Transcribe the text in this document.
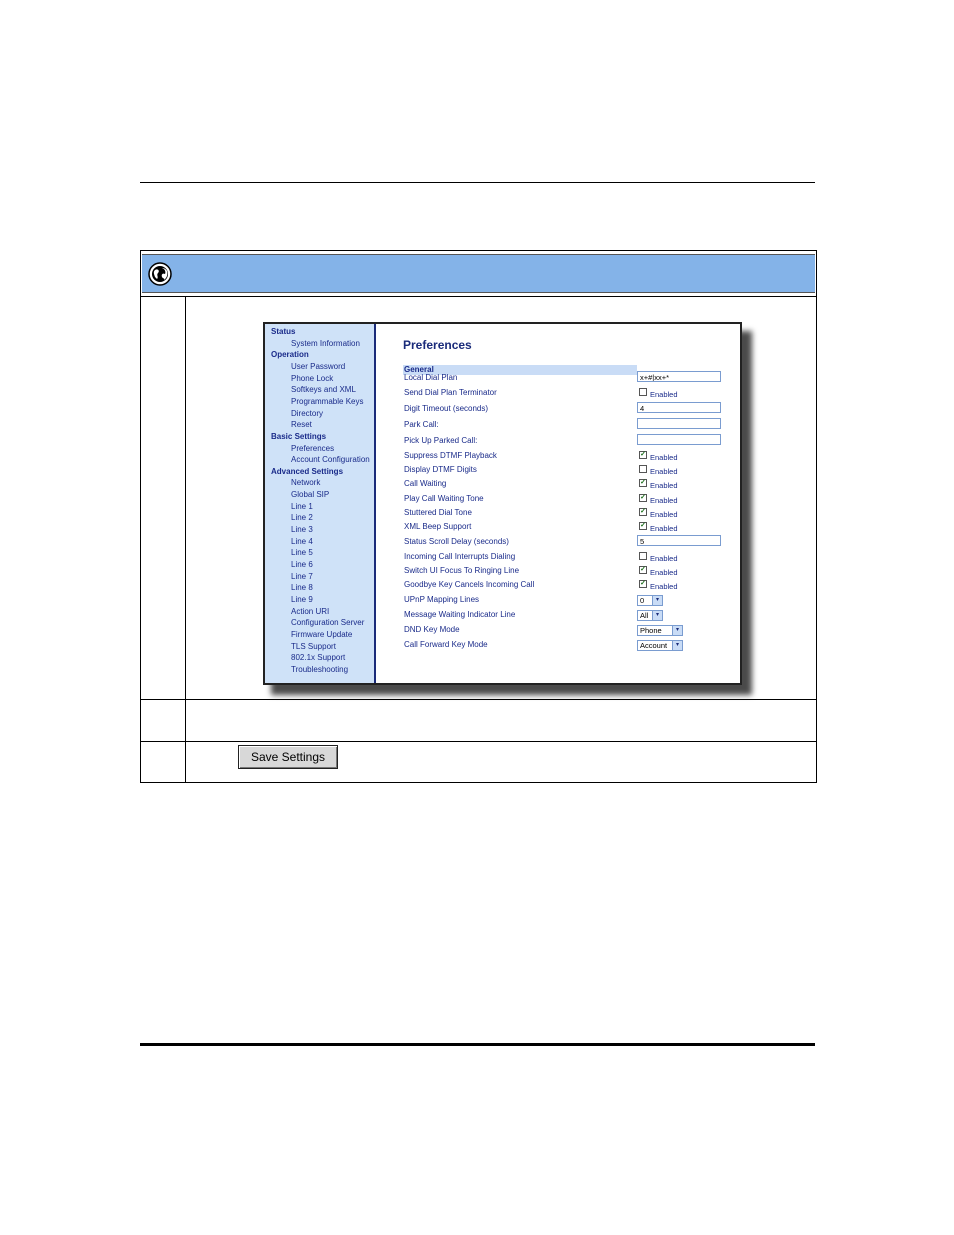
Status
System Information
Operation
User Password
Phone Lock
Softkeys and XML
Programmable Keys
Directory
Reset
Basic Settings
Preferences
Account Configuration
Advanced Settings
Network
Global SIP
Line 1
Line 2
Line 3
Line 4
Line 5
Line 6
Line 7
Line 8
Line 9
Action URI
Configuration Server
Firmware Update
TLS Support
802.1x Support
Troubleshooting
Preferences
General
Local Dial Plan	x+#|xx+*
Send Dial Plan Terminator	Enabled
Digit Timeout (seconds)	4
Park Call:
Pick Up Parked Call:
Suppress DTMF Playback	✓ Enabled
Display DTMF Digits	Enabled
Call Waiting	✓ Enabled
Play Call Waiting Tone	✓ Enabled
Stuttered Dial Tone	✓ Enabled
XML Beep Support	✓ Enabled
Status Scroll Delay (seconds)	5
Incoming Call Interrupts Dialing	Enabled
Switch UI Focus To Ringing Line	✓ Enabled
Goodbye Key Cancels Incoming Call	✓ Enabled
UPnP Mapping Lines	0	▾
Message Waiting Indicator Line	All	▾
DND Key Mode	Phone	▾
Call Forward Key Mode	Account	▾
Save Settings
